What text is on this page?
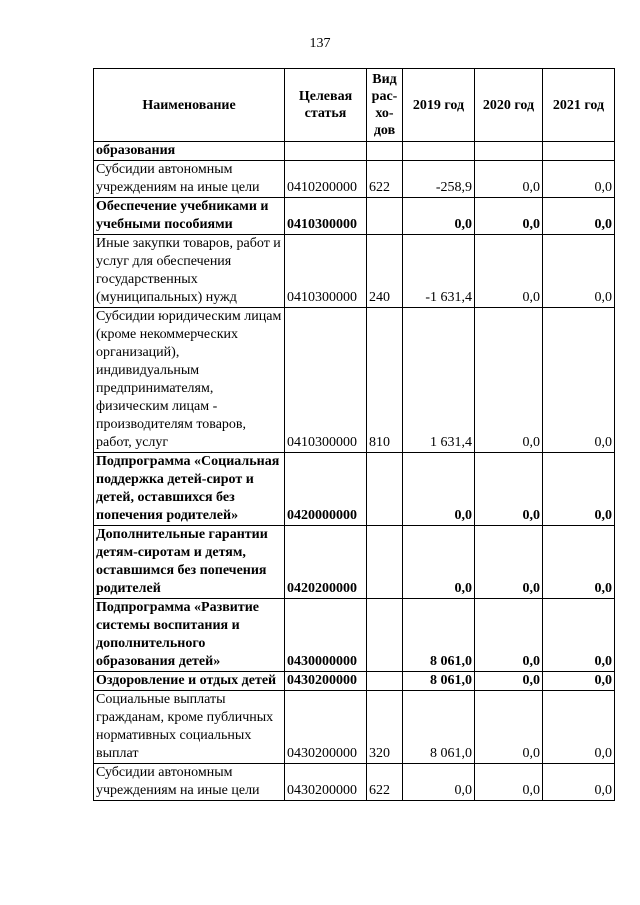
137
Наименование	Целевая статья	Вид рас-хо-дов	2019 год	2020 год	2021 год
образования					
Субсидии автономным учреждениям на иные цели	0410200000	622	-258,9	0,0	0,0
Обеспечение учебниками и учебными пособиями	0410300000		0,0	0,0	0,0
Иные закупки товаров, работ и услуг для обеспечения государственных (муниципальных) нужд	0410300000	240	-1 631,4	0,0	0,0
Субсидии юридическим лицам (кроме некоммерческих организаций), индивидуальным предпринимателям, физическим лицам - производителям товаров, работ, услуг	0410300000	810	1 631,4	0,0	0,0
Подпрограмма «Социальная поддержка детей-сирот и детей, оставшихся без попечения родителей»	0420000000		0,0	0,0	0,0
Дополнительные гарантии детям-сиротам и детям, оставшимся без попечения родителей	0420200000		0,0	0,0	0,0
Подпрограмма «Развитие системы воспитания и дополнительного образования детей»	0430000000		8 061,0	0,0	0,0
Оздоровление и отдых детей	0430200000		8 061,0	0,0	0,0
Социальные выплаты гражданам, кроме публичных нормативных социальных выплат	0430200000	320	8 061,0	0,0	0,0
Субсидии автономным учреждениям на иные цели	0430200000	622	0,0	0,0	0,0
